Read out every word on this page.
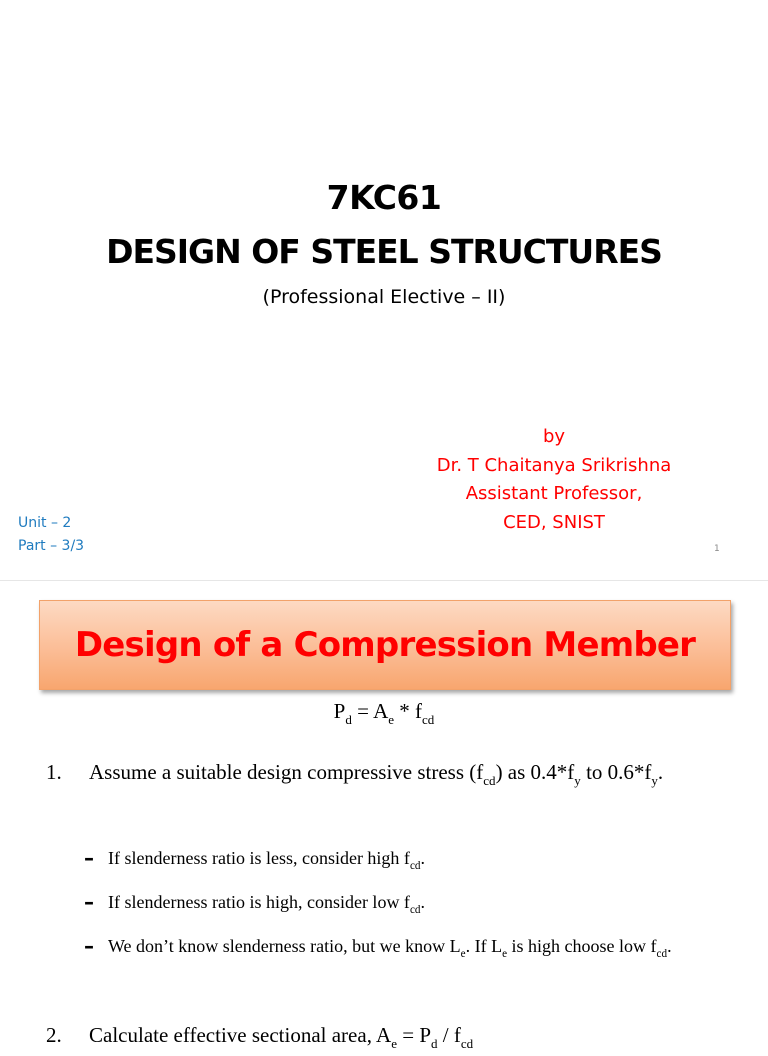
7KC61
DESIGN OF STEEL STRUCTURES
(Professional Elective – II)
by
Dr. T Chaitanya Srikrishna
Assistant Professor,
CED, SNIST
Unit – 2
Part – 3/3	1
Design of a Compression Member
$P_d = A_e * f_{cd}$
1. Assume a suitable design compressive stress $(f_{cd})$ as $0.4*f_y$ to $0.6*f_y$.
– If slenderness ratio is less, consider high $f_{cd}$.
– If slenderness ratio is high, consider low $f_{cd}$.
– We don’t know slenderness ratio, but we know $L_e$. If $L_e$ is high choose low $f_{cd}$.
2. Calculate effective sectional area, $A_e = P_d / f_{cd}$
